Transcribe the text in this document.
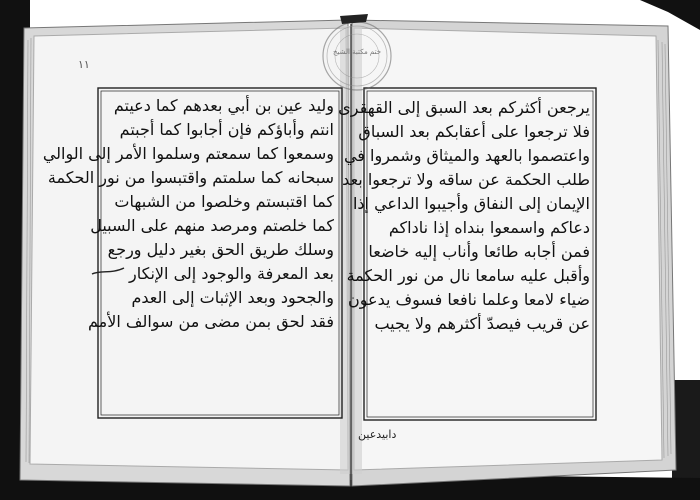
١١
ختم مكتبة الشيخ
وليد عين بن أبي بعدهم كما دعيتم
انتم وأباؤكم فإن أجابوا كما أجبتم
وسمعوا كما سمعتم وسلموا الأمر إلى الوالي
سبحانه كما سلمتم واقتبسوا من نور الحكمة
كما اقتبستم وخلصوا من الشبهات
كما خلصتم ومرصد منهم على السبيل
وسلك طريق الحق بغير دليل ورجع
بعد المعرفة والوجود إلى الإنكار
والجحود وبعد الإثبات إلى العدم
فقد لحق بمن مضى من سوالف الأمم
يرجعن أكثركم بعد السبق إلى القهقرى
فلا ترجعوا على أعقابكم بعد السباق
واعتصموا بالعهد والميثاق وشمروا في
طلب الحكمة عن ساقه ولا ترجعوا بعد
الإيمان إلى النفاق وأجيبوا الداعي إذا
دعاكم واسمعوا بنداه إذا ناداكم
فمن أجابه طائعا وأناب إليه خاضعا
وأقبل عليه سامعا نال من نور الحكمة
ضياء لامعا وعلما نافعا فسوف يدعون
عن قريب فيصدّ أكثرهم ولا يجيب
دابيدعين
